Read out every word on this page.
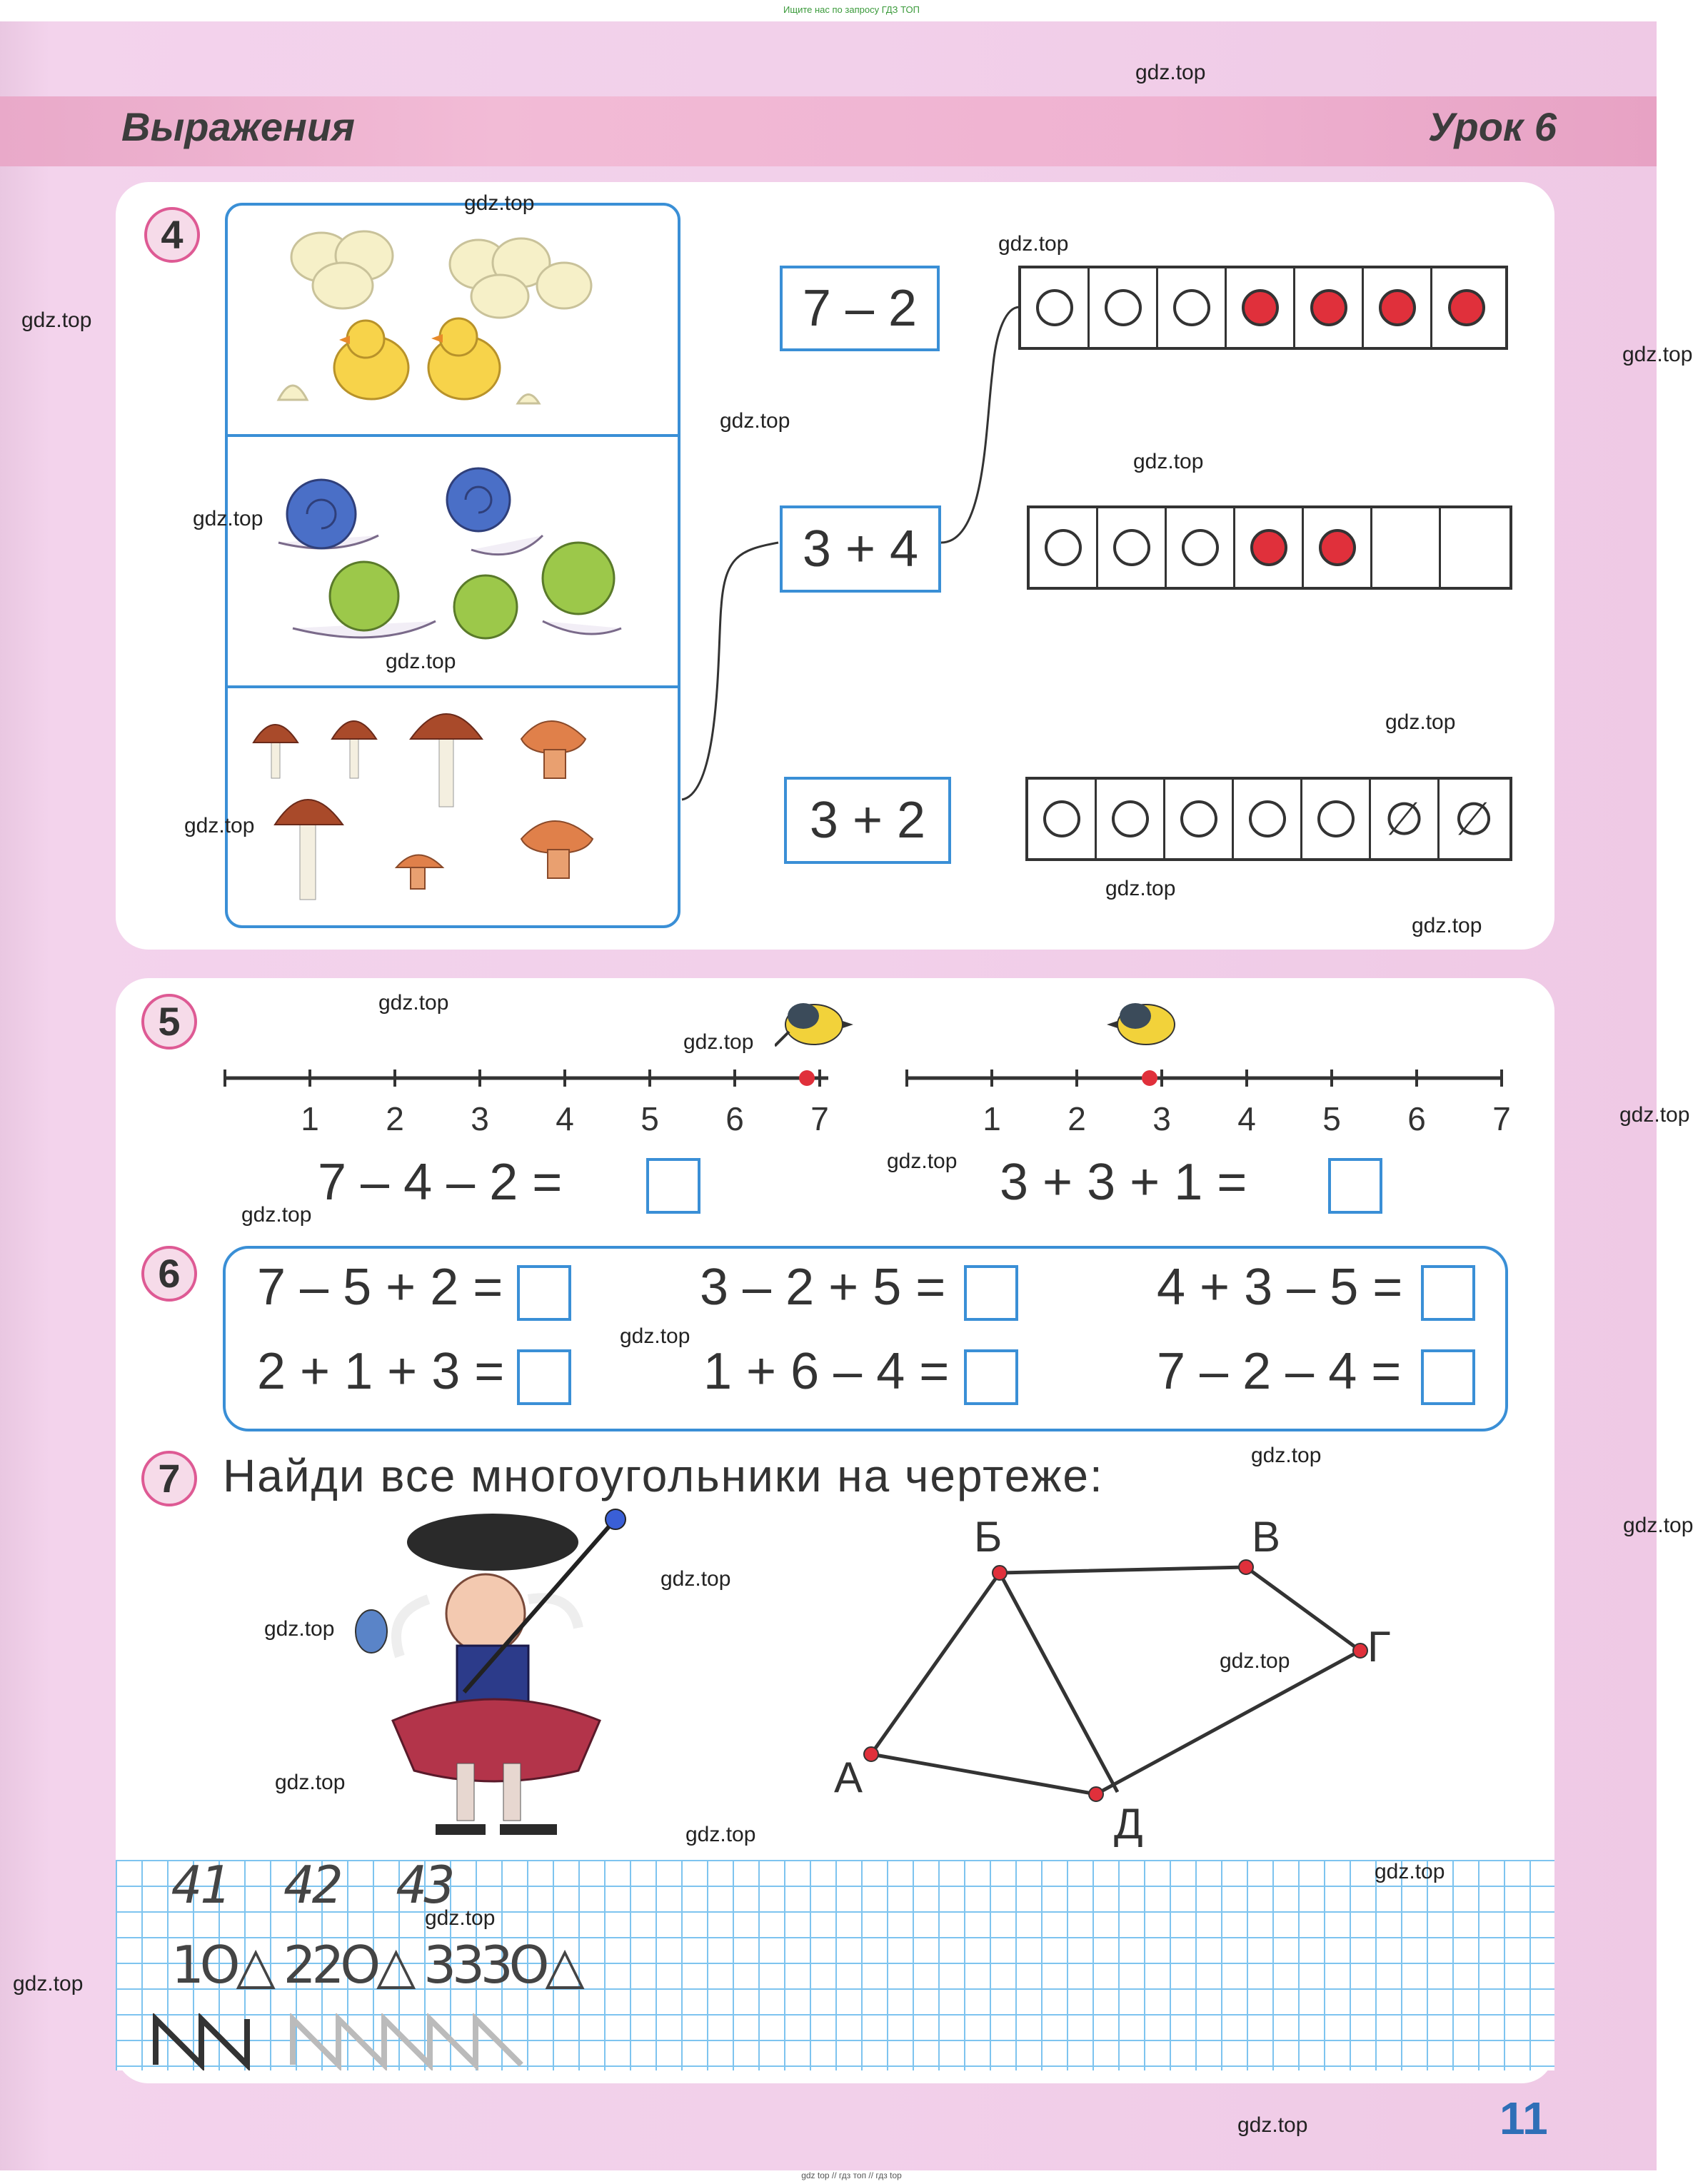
Ищите нас по запросу ГДЗ ТОП
Выражения	Урок 6
4
7 – 2
3 + 4
3 + 2	∅ ∅
5
1 2 3 4 5 6 7	1 2 3 4 5 6 7
7 – 4 – 2 =	3 + 3 + 1 =
6	7 – 5 + 2 =	3 – 2 + 5 =	4 + 3 – 5 =
2 + 1 + 3 =	1 + 6 – 4 =	7 – 2 – 4 =
7 Найди все многоугольники на чертеже:
А
Б	В
Г
Д
41  42  43
1О△ 22О△ 333О△
11
gdz top // гдз топ // гдз top
gdz.top
gdz.top
gdz.top
gdz.top
gdz.top
gdz.top
gdz.top
gdz.top
gdz.top
gdz.top
gdz.top
gdz.top
gdz.top
gdz.top
gdz.top
gdz.top
gdz.top
gdz.top
gdz.top
gdz.top
gdz.top
gdz.top
gdz.top
gdz.top
gdz.top
gdz.top
gdz.top
gdz.top
gdz.top
gdz.top
